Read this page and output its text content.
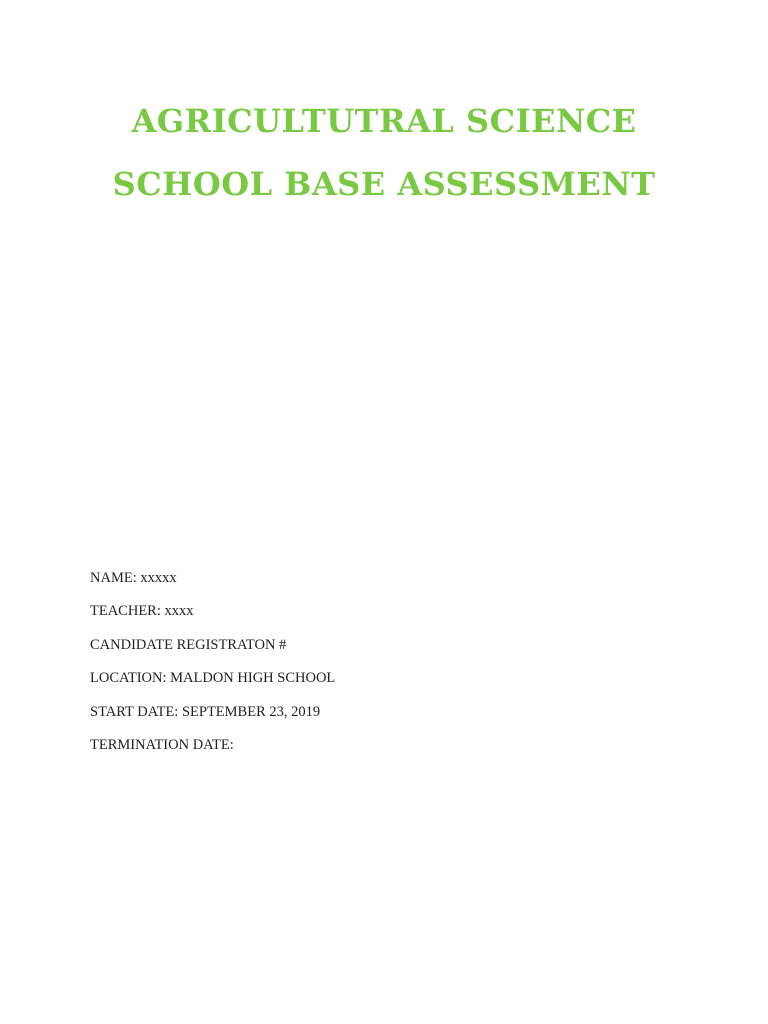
AGRICULTUTRAL SCIENCE
SCHOOL BASE ASSESSMENT
NAME: xxxxx
TEACHER: xxxx
CANDIDATE REGISTRATON #
LOCATION: MALDON HIGH SCHOOL
START DATE: SEPTEMBER 23, 2019
TERMINATION DATE:
